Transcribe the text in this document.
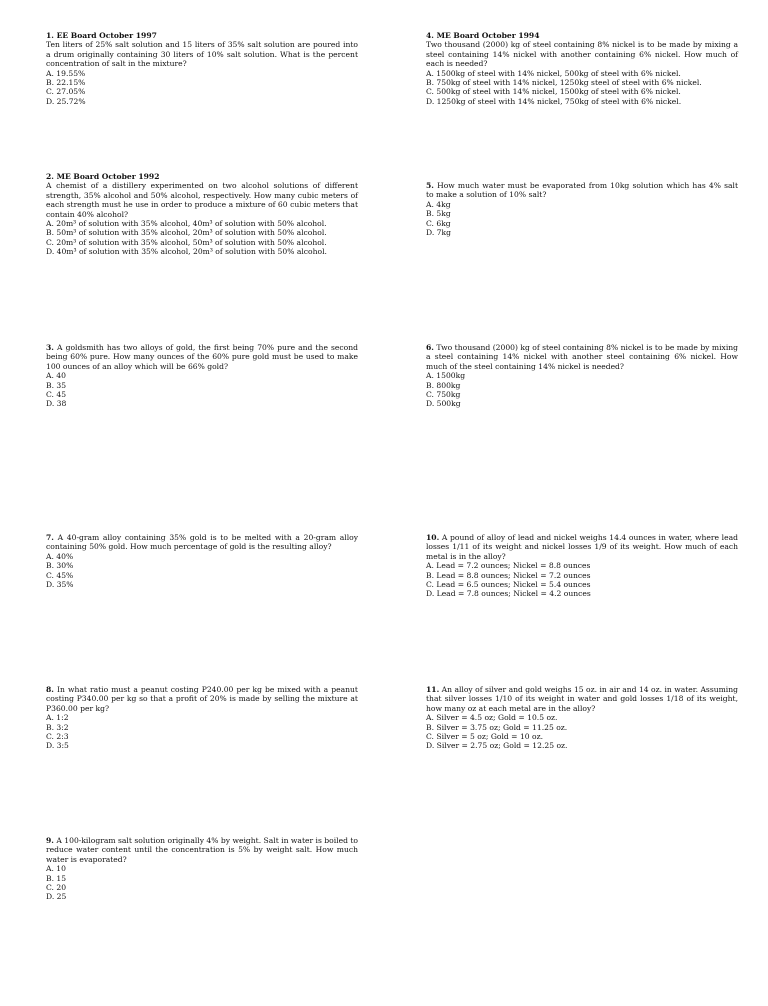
1. EE Board October 1997
Ten liters of 25% salt solution and 15 liters of 35% salt solution are poured into a drum originally containing 30 liters of 10% salt solution. What is the percent concentration of salt in the mixture?
A. 19.55%
B. 22.15%
C. 27.05%
D. 25.72%
2. ME Board October 1992
A chemist of a distillery experimented on two alcohol solutions of different strength, 35% alcohol and 50% alcohol, respectively. How many cubic meters of each strength must he use in order to produce a mixture of 60 cubic meters that contain 40% alcohol?
A. 20m³ of solution with 35% alcohol, 40m³ of solution with 50% alcohol.
B. 50m³ of solution with 35% alcohol, 20m³ of solution with 50% alcohol.
C. 20m³ of solution with 35% alcohol, 50m³ of solution with 50% alcohol.
D. 40m³ of solution with 35% alcohol, 20m³ of solution with 50% alcohol.
3. A goldsmith has two alloys of gold, the first being 70% pure and the second being 60% pure. How many ounces of the 60% pure gold must be used to make 100 ounces of an alloy which will be 66% gold?
A. 40
B. 35
C. 45
D. 38
7. A 40-gram alloy containing 35% gold is to be melted with a 20-gram alloy containing 50% gold. How much percentage of gold is the resulting alloy?
A. 40%
B. 30%
C. 45%
D. 35%
8. In what ratio must a peanut costing P240.00 per kg be mixed with a peanut costing P340.00 per kg so that a profit of 20% is made by selling the mixture at P360.00 per kg?
A. 1:2
B. 3:2
C. 2:3
D. 3:5
9. A 100-kilogram salt solution originally 4% by weight. Salt in water is boiled to reduce water content until the concentration is 5% by weight salt. How much water is evaporated?
A. 10
B. 15
C. 20
D. 25
4. ME Board October 1994
Two thousand (2000) kg of steel containing 8% nickel is to be made by mixing a steel containing 14% nickel with another containing 6% nickel. How much of each is needed?
A. 1500kg of steel with 14% nickel, 500kg of steel with 6% nickel.
B. 750kg of steel with 14% nickel, 1250kg steel of steel with 6% nickel.
C. 500kg of steel with 14% nickel, 1500kg of steel with 6% nickel.
D. 1250kg of steel with 14% nickel, 750kg of steel with 6% nickel.
5. How much water must be evaporated from 10kg solution which has 4% salt to make a solution of 10% salt?
A. 4kg
B. 5kg
C. 6kg
D. 7kg
6. Two thousand (2000) kg of steel containing 8% nickel is to be made by mixing a steel containing 14% nickel with another steel containing 6% nickel. How much of the steel containing 14% nickel is needed?
A. 1500kg
B. 800kg
C. 750kg
D. 500kg
10. A pound of alloy of lead and nickel weighs 14.4 ounces in water, where lead losses 1/11 of its weight and nickel losses 1/9 of its weight. How much of each metal is in the alloy?
A. Lead = 7.2 ounces; Nickel = 8.8 ounces
B. Lead = 8.8 ounces; Nickel = 7.2 ounces
C. Lead = 6.5 ounces; Nickel = 5.4 ounces
D. Lead = 7.8 ounces; Nickel = 4.2 ounces
11. An alloy of silver and gold weighs 15 oz. in air and 14 oz. in water. Assuming that silver losses 1/10 of its weight in water and gold losses 1/18 of its weight, how many oz at each metal are in the alloy?
A. Silver = 4.5 oz; Gold = 10.5 oz.
B. Silver = 3.75 oz; Gold = 11.25 oz.
C. Silver = 5 oz; Gold = 10 oz.
D. Silver = 2.75 oz; Gold = 12.25 oz.
